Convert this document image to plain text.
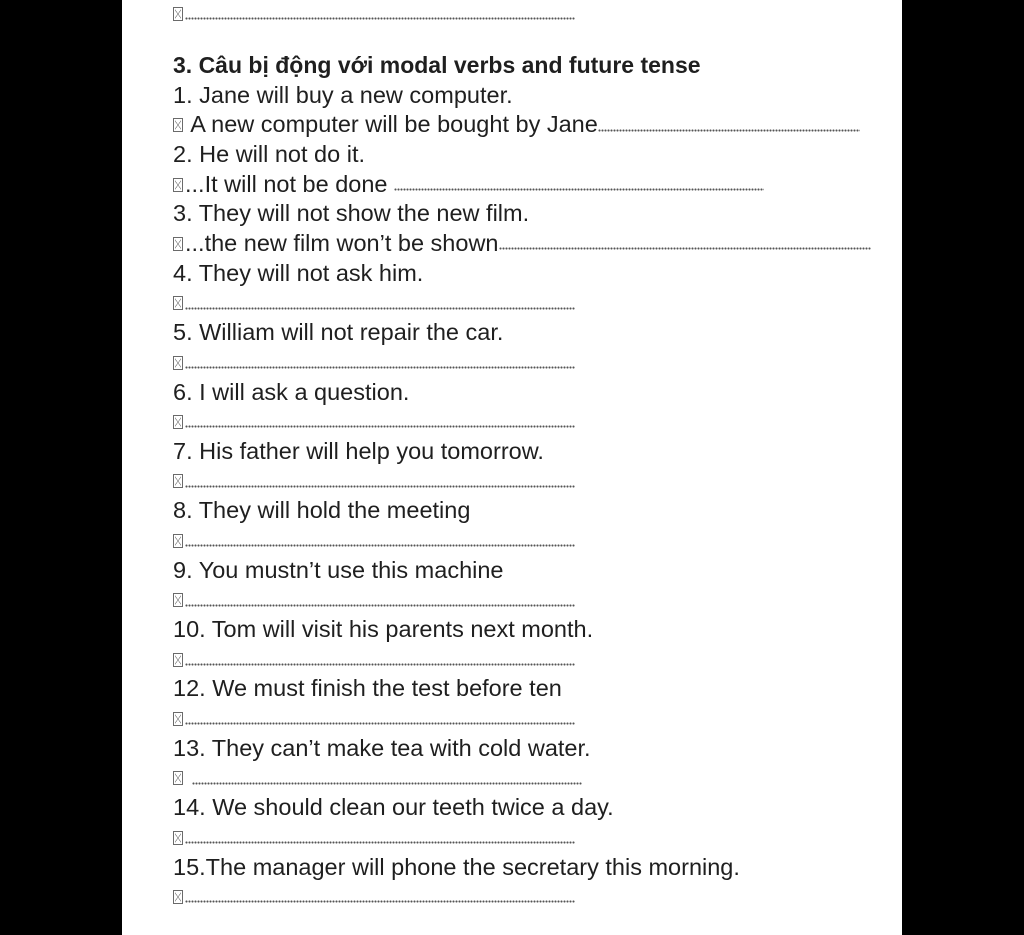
3. Câu bị động với modal verbs and future tense
1. Jane will buy a new computer.
A new computer will be bought by Jane
2. He will not do it.
...It will not be done
3. They will not show the new film.
...the new film won’t be shown
4. They will not ask him.
5. William will not repair the car.
6. I will ask a question.
7. His father will help you tomorrow.
8. They will hold the meeting
9. You mustn’t use this machine
10. Tom will visit his parents next month.
12. We must finish the test before ten
13. They can’t make tea with cold water.

14. We should clean our teeth twice a day.
15.The manager will phone the secretary this morning.
